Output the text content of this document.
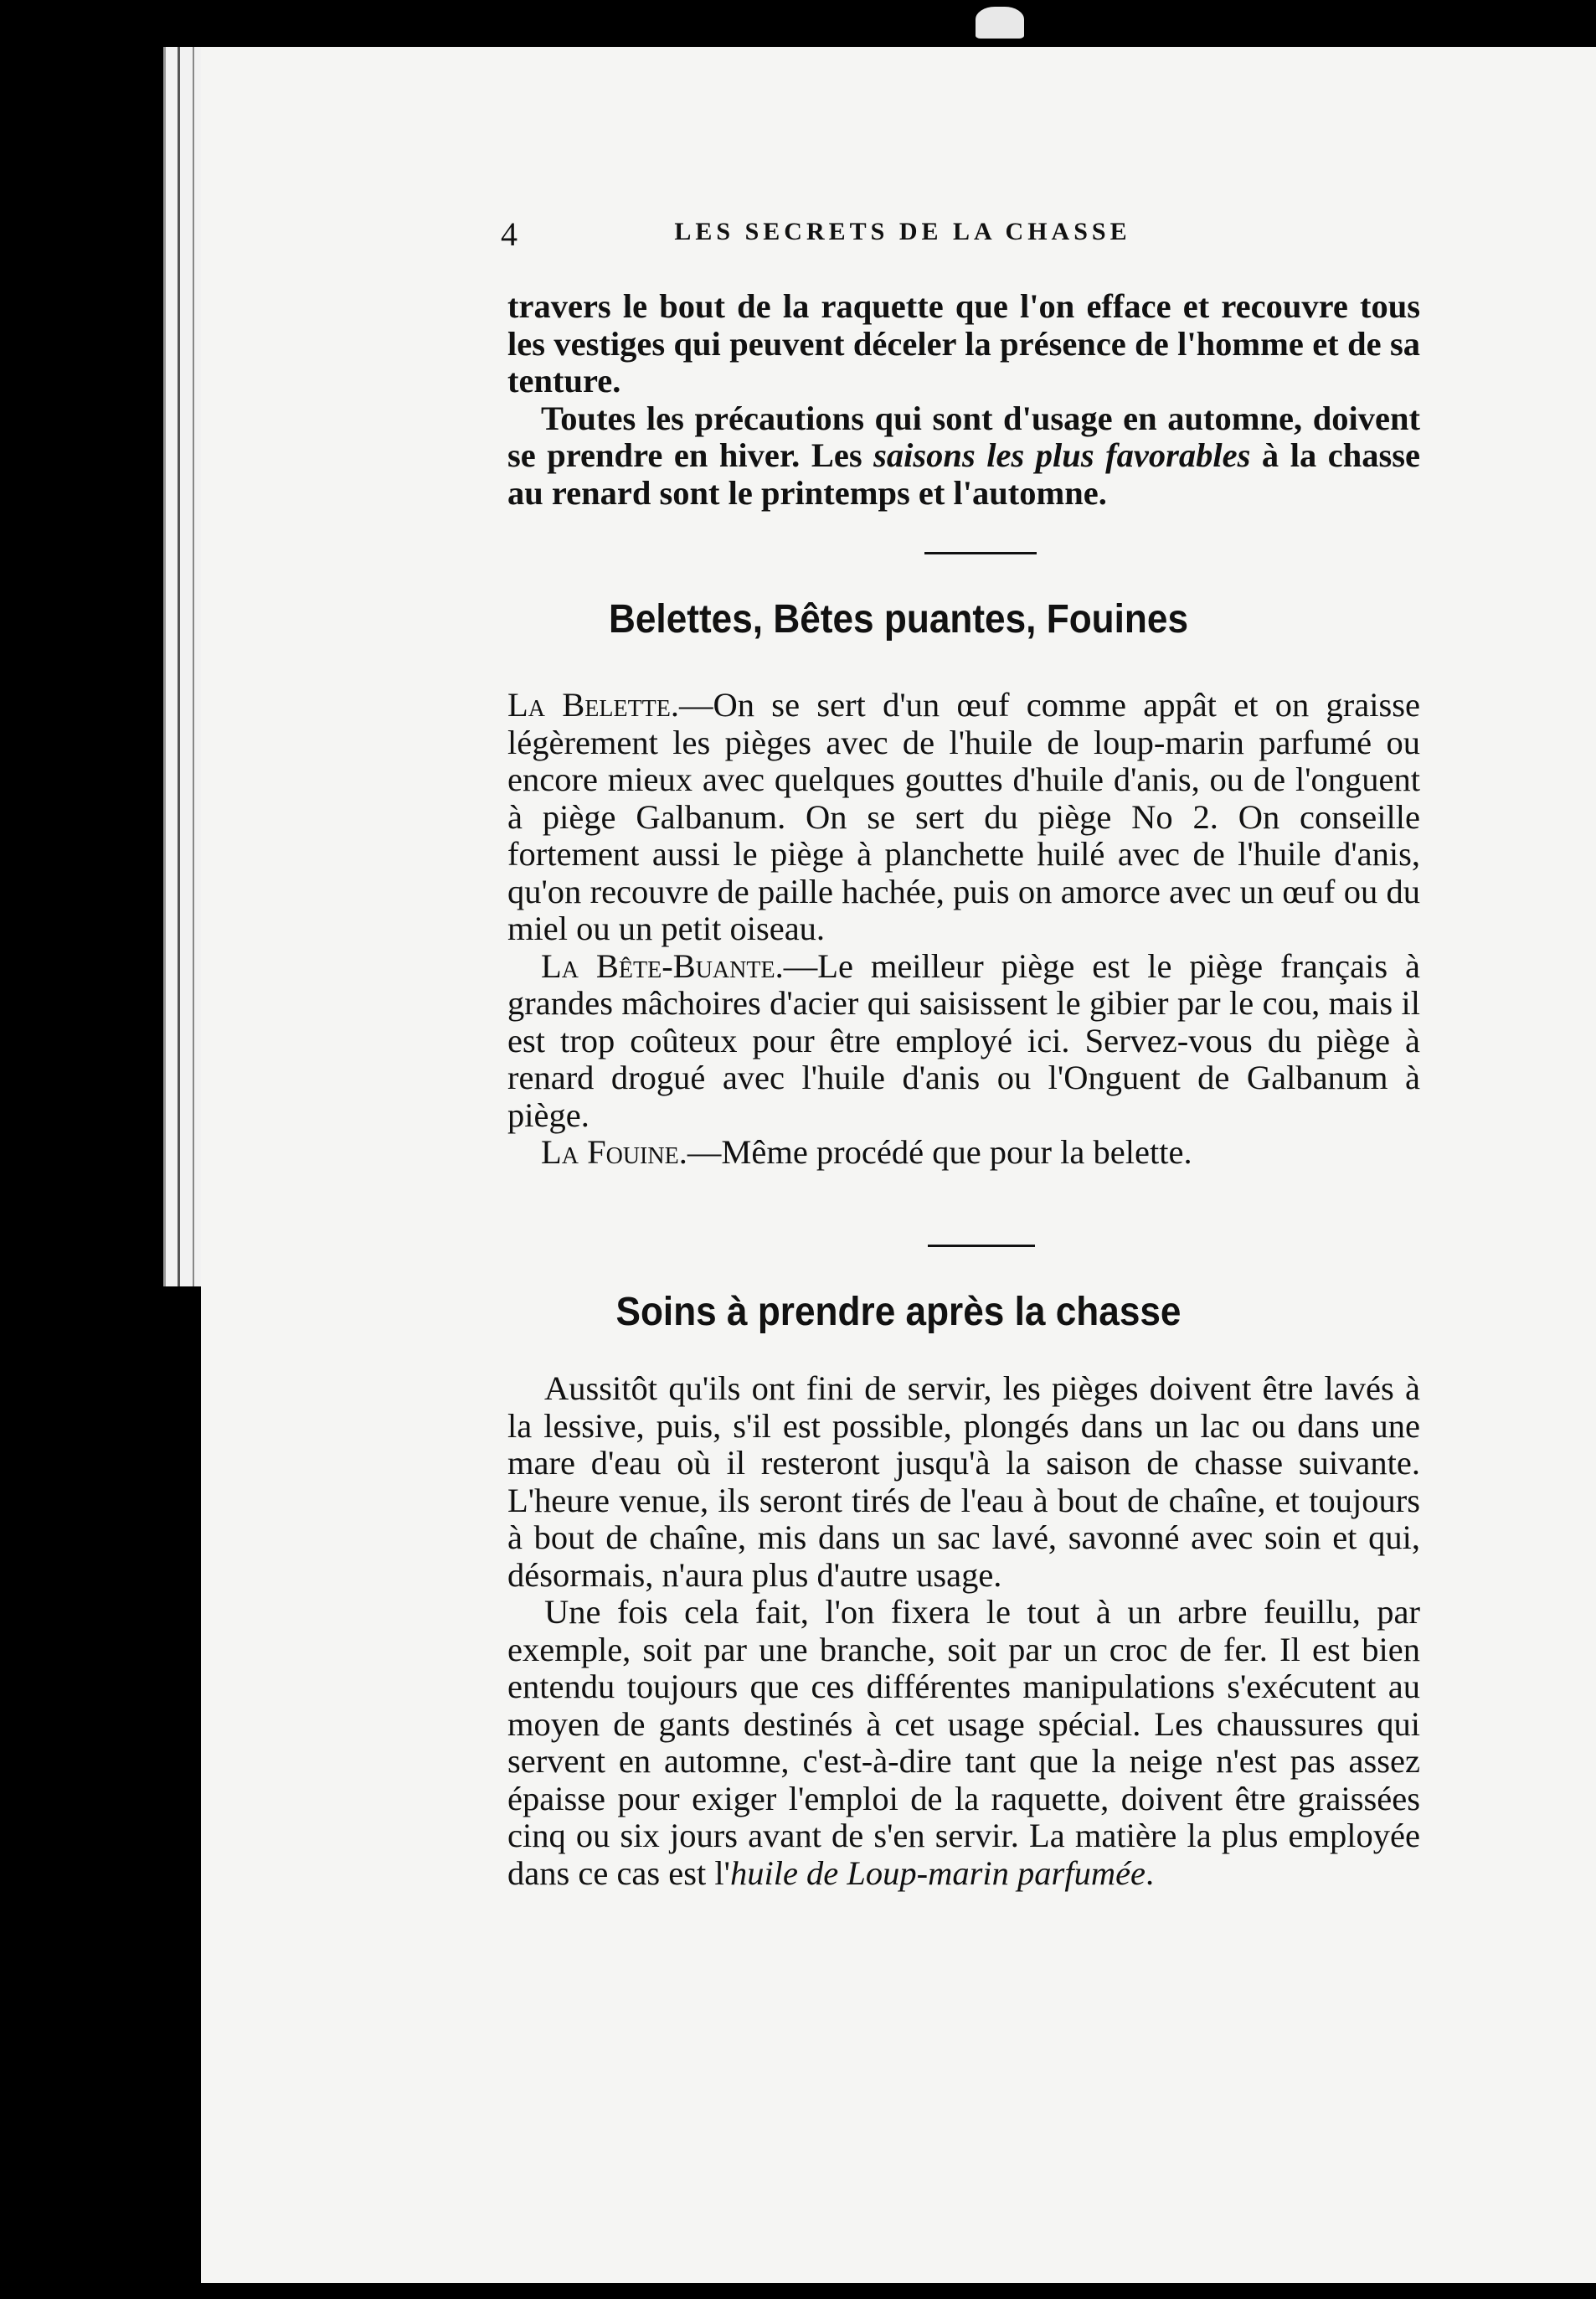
4	LES SECRETS DE LA CHASSE

travers le bout de la raquette que l'on efface et recouvre tous les vestiges qui peuvent déceler la présence de l'homme et de sa tenture.

Toutes les précautions qui sont d'usage en automne, doivent se prendre en hiver. Les saisons les plus favorables à la chasse au renard sont le printemps et l'automne.

Belettes, Bêtes puantes, Fouines

La Belette.—On se sert d'un œuf comme appât et on graisse légèrement les pièges avec de l'huile de loup-marin parfumé ou encore mieux avec quelques gouttes d'huile d'anis, ou de l'onguent à piège Galbanum. On se sert du piège No 2. On conseille fortement aussi le piège à planchette huilé avec de l'huile d'anis, qu'on recouvre de paille hachée, puis on amorce avec un œuf ou du miel ou un petit oiseau.

La Bête-Buante.—Le meilleur piège est le piège français à grandes mâchoires d'acier qui saisissent le gibier par le cou, mais il est trop coûteux pour être employé ici. Servez-vous du piège à renard drogué avec l'huile d'anis ou l'Onguent de Galbanum à piège.

La Fouine.—Même procédé que pour la belette.

Soins à prendre après la chasse

Aussitôt qu'ils ont fini de servir, les pièges doivent être lavés à la lessive, puis, s'il est possible, plongés dans un lac ou dans une mare d'eau où il resteront jusqu'à la saison de chasse suivante. L'heure venue, ils seront tirés de l'eau à bout de chaîne, et toujours à bout de chaîne, mis dans un sac lavé, savonné avec soin et qui, désormais, n'aura plus d'autre usage.

Une fois cela fait, l'on fixera le tout à un arbre feuillu, par exemple, soit par une branche, soit par un croc de fer. Il est bien entendu toujours que ces différentes manipulations s'exécutent au moyen de gants destinés à cet usage spécial. Les chaussures qui servent en automne, c'est-à-dire tant que la neige n'est pas assez épaisse pour exiger l'emploi de la raquette, doivent être graissées cinq ou six jours avant de s'en servir. La matière la plus employée dans ce cas est l'huile de Loup-marin parfumée.
